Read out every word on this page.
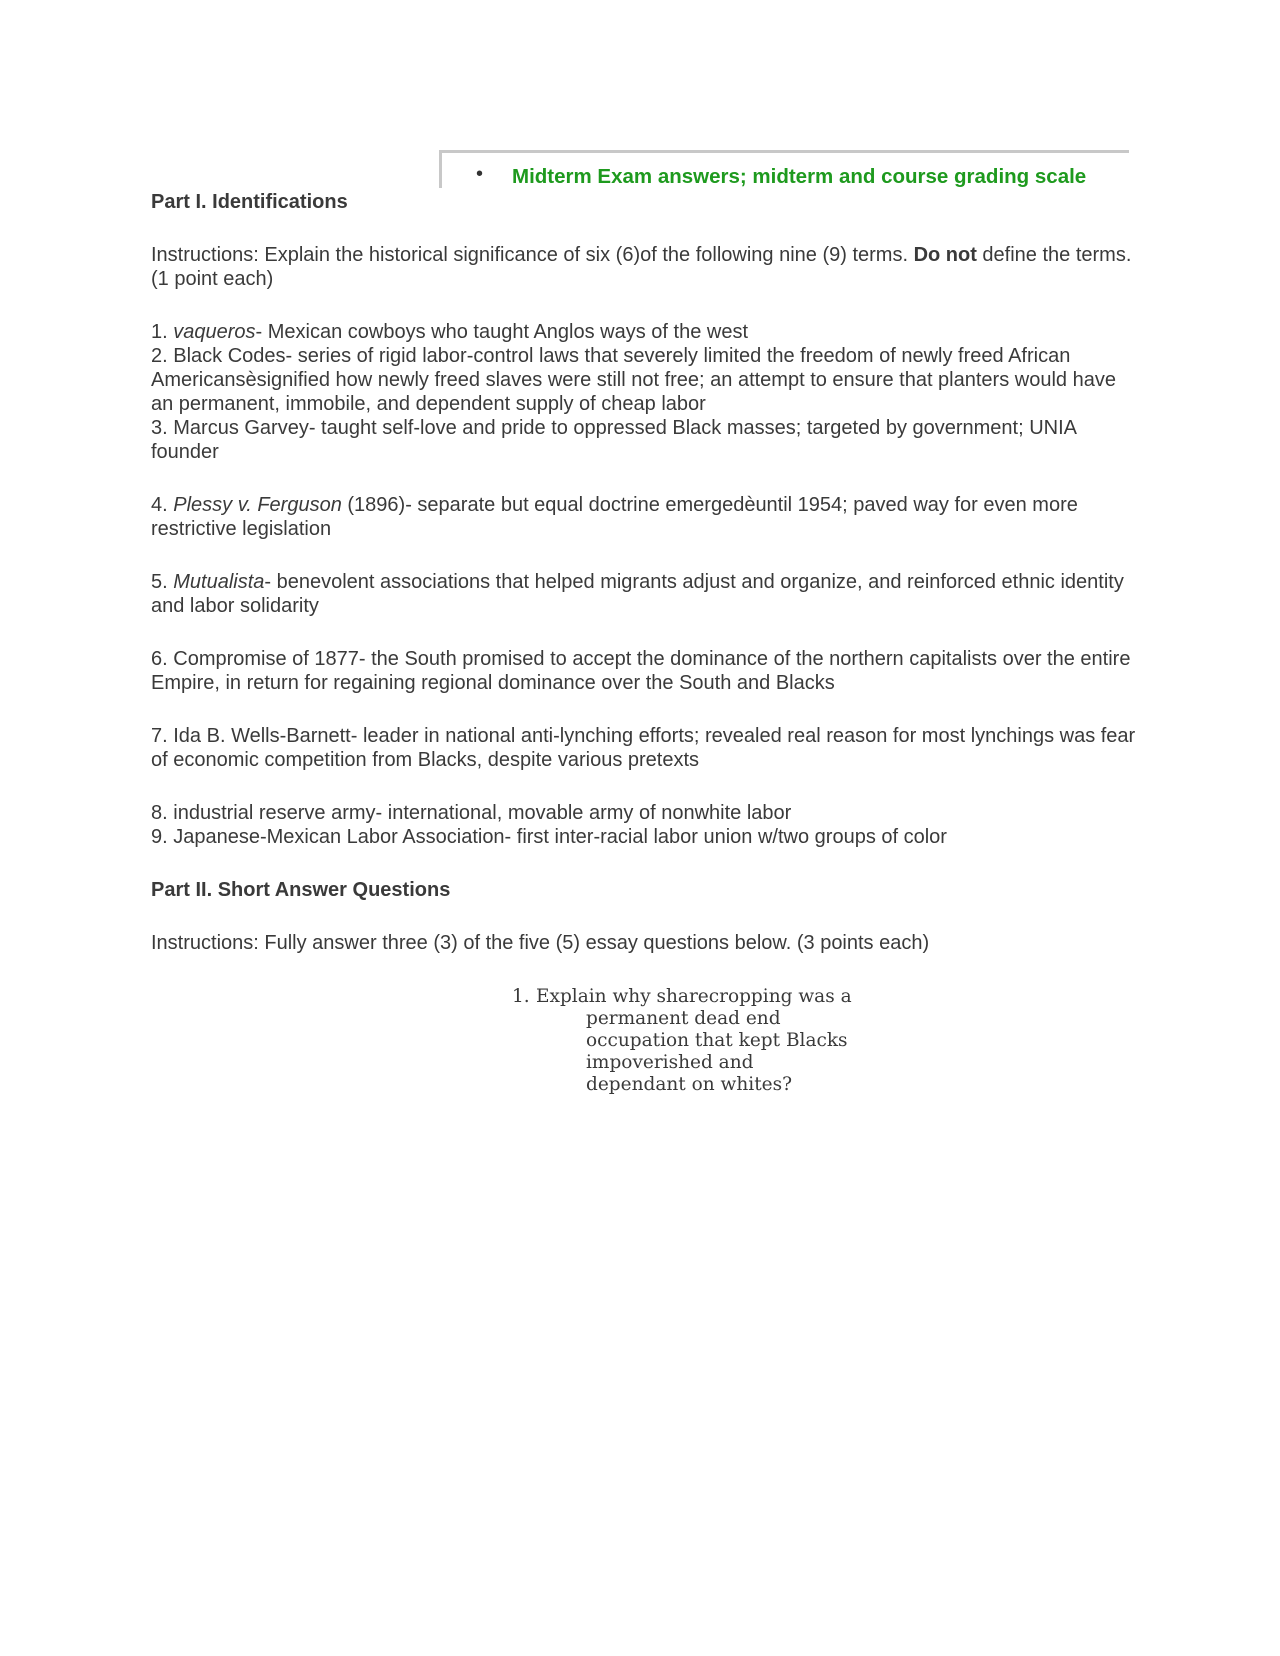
• Midterm Exam answers; midterm and course grading scale

Part I. Identifications

Instructions: Explain the historical significance of six (6)of the following nine (9) terms. Do not define the terms. (1 point each)

1. vaqueros- Mexican cowboys who taught Anglos ways of the west

2. Black Codes- series of rigid labor-control laws that severely limited the freedom of newly freed African Americansèsignified how newly freed slaves were still not free; an attempt to ensure that planters would have an permanent, immobile, and dependent supply of cheap labor

3. Marcus Garvey- taught self-love and pride to oppressed Black masses; targeted by government; UNIA founder

4. Plessy v. Ferguson (1896)- separate but equal doctrine emergedèuntil 1954; paved way for even more restrictive legislation

5. Mutualista- benevolent associations that helped migrants adjust and organize, and reinforced ethnic identity and labor solidarity

6. Compromise of 1877- the South promised to accept the dominance of the northern capitalists over the entire Empire, in return for regaining regional dominance over the South and Blacks

7. Ida B. Wells-Barnett- leader in national anti-lynching efforts; revealed real reason for most lynchings was fear of economic competition from Blacks, despite various pretexts

8. industrial reserve army- international, movable army of nonwhite labor

9. Japanese-Mexican Labor Association- first inter-racial labor union w/two groups of color

Part II. Short Answer Questions

Instructions: Fully answer three (3) of the five (5) essay questions below. (3 points each)

1. Explain why sharecropping was a
permanent dead end
occupation that kept Blacks
impoverished and
dependant on whites?
